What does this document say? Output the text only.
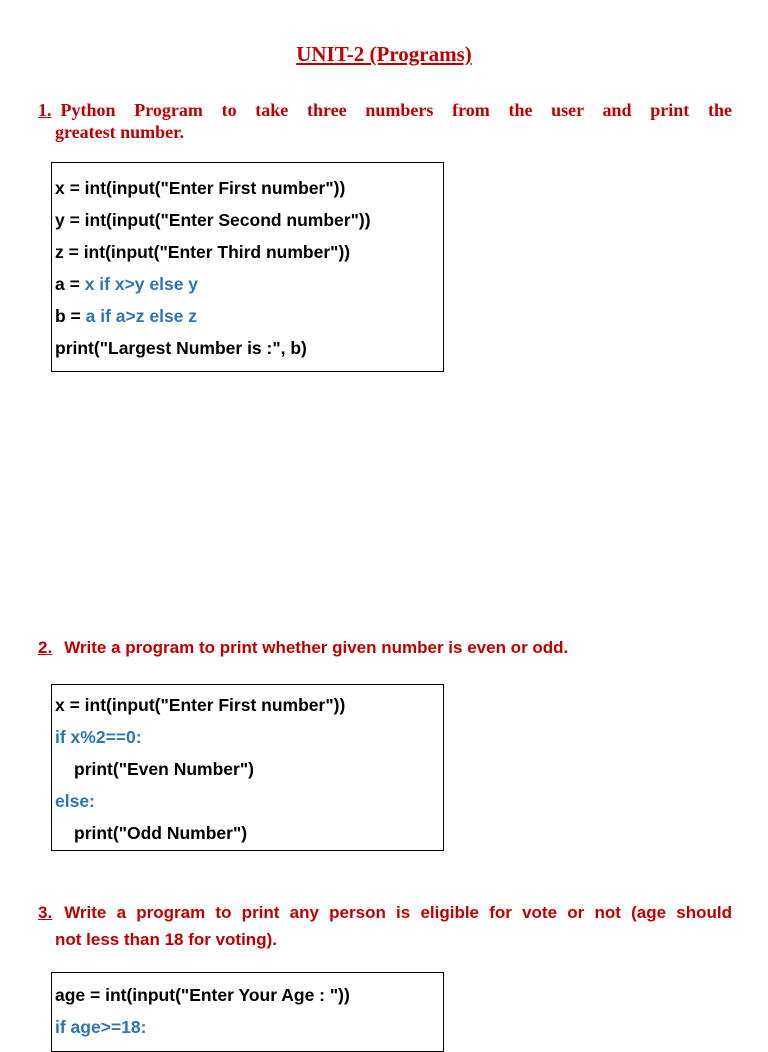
UNIT-2 (Programs)
1. Python Program to take three numbers from the user and print the
greatest number.
x = int(input("Enter First number"))
y = int(input("Enter Second number"))
z = int(input("Enter Third number"))
a = x if x>y else y
b = a if a>z else z
print("Largest Number is :", b)
2. Write a program to print whether given number is even or odd.
x = int(input("Enter First number"))
if x%2==0:
print("Even Number")
else:
print("Odd Number")
3. Write a program to print any person is eligible for vote or not (age should
not less than 18 for voting).
age = int(input("Enter Your Age : "))
if age>=18:
